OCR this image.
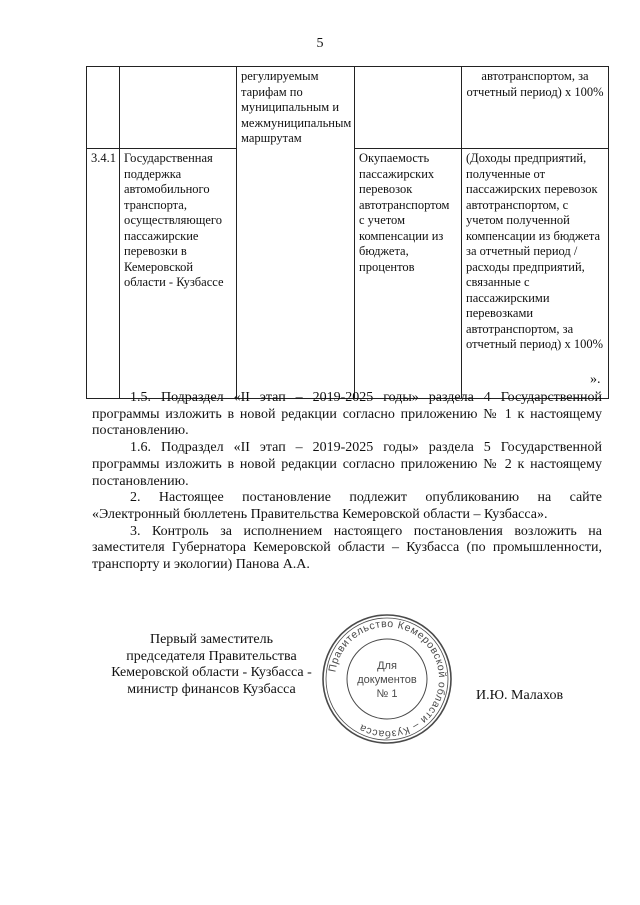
5

		регулируемым тарифам по муниципальным и межмуниципальным маршрутам		автотранспортом, за отчетный период) х 100%

3.4.1	Государственная поддержка автомобильного транспорта, осуществляющего пассажирские перевозки в Кемеровской области - Кузбассе		Окупаемость пассажирских перевозок автотранспортом с учетом компенсации из бюджета, процентов	(Доходы предприятий, полученные от пассажирских перевозок автотранспортом, с учетом полученной компенсации из бюджета за отчетный период / расходы предприятий, связанные с пассажирскими перевозками автотранспортом, за отчетный период) х 100%
».

1.5. Подраздел «II этап – 2019-2025 годы» раздела 4 Государственной программы изложить в новой редакции согласно приложению № 1 к настоящему постановлению.

1.6. Подраздел «II этап – 2019-2025 годы» раздела 5 Государственной программы изложить в новой редакции согласно приложению № 2 к настоящему постановлению.

2. Настоящее постановление подлежит опубликованию на сайте «Электронный бюллетень Правительства Кемеровской области – Кузбасса».

3. Контроль за исполнением настоящего постановления возложить на заместителя Губернатора Кемеровской области – Кузбасса (по промышленности, транспорту и экологии) Панова А.А.

Первый заместитель
председателя Правительства
Кемеровской области - Кузбасса -
министр финансов Кузбасса
Правительство Кемеровской области – Кузбасса
Для
документов
№ 1	И.Ю. Малахов
